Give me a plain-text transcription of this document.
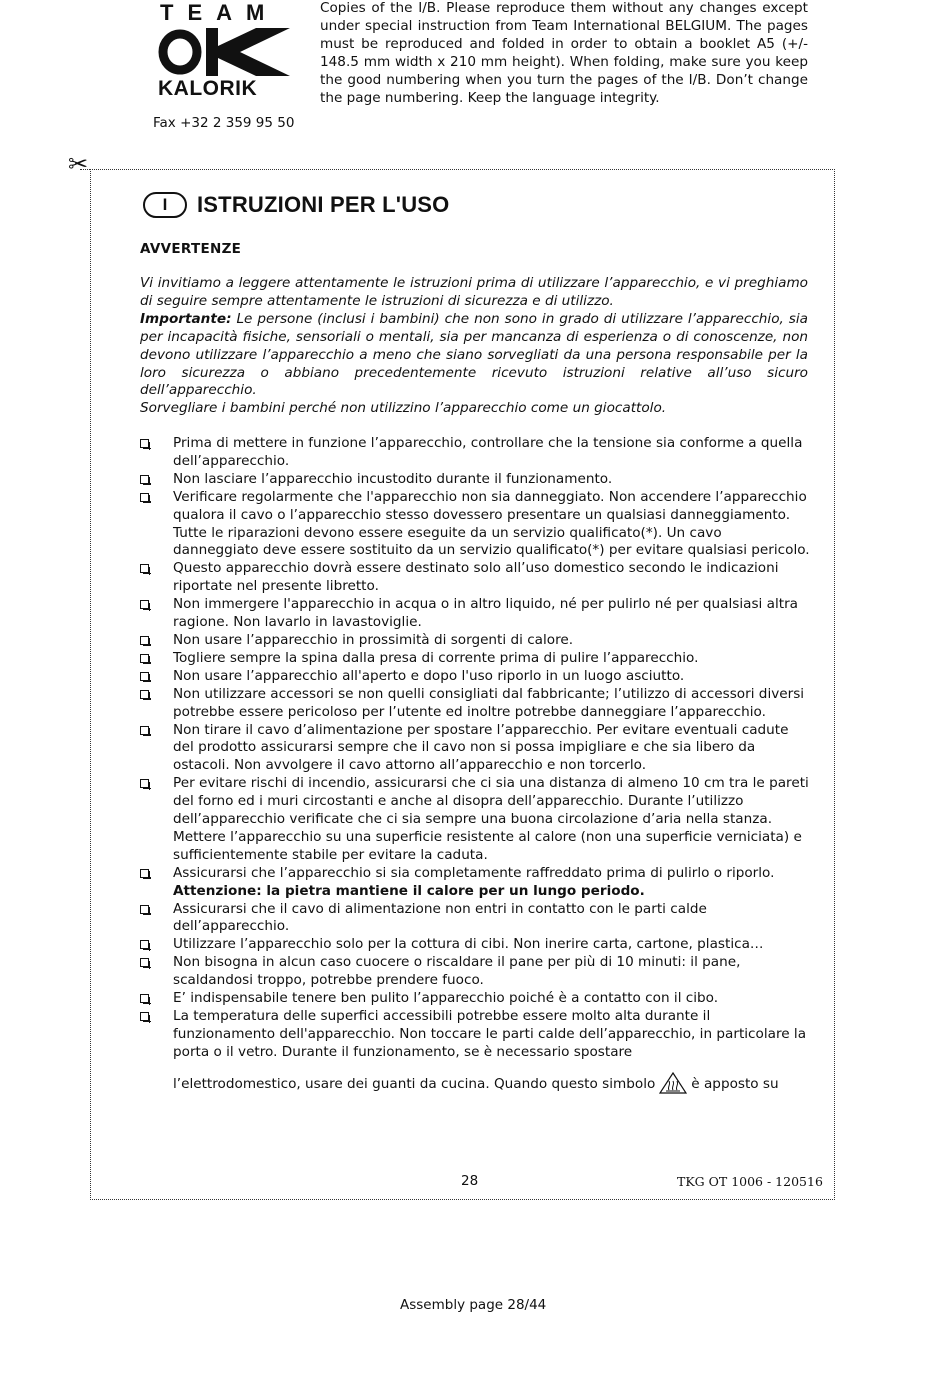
TEAM
KALORIK
Fax +32 2 359 95 50
Copies of the I/B. Please reproduce them without any changes except under special instruction from Team International BELGIUM. The pages must be reproduced and folded in order to obtain a booklet A5 (+/- 148.5 mm width x 210 mm height). When folding, make sure you keep the good numbering when you turn the pages of the I/B. Don’t change the page numbering. Keep the language integrity.
✂
I	ISTRUZIONI PER L'USO
AVVERTENZE

Vi invitiamo a leggere attentamente le istruzioni prima di utilizzare l’apparecchio, e vi preghiamo di seguire sempre attentamente le istruzioni di sicurezza e di utilizzo.

Importante: Le persone (inclusi i bambini) che non sono in grado di utilizzare l’apparecchio, sia per incapacità fisiche, sensoriali o mentali, sia per mancanza di esperienza o di conoscenze, non devono utilizzare l’apparecchio a meno che siano sorvegliati da una persona responsabile per la loro sicurezza o abbiano precedentemente ricevuto istruzioni relative all’uso sicuro dell’apparecchio.

Sorvegliare i bambini perché non utilizzino l’apparecchio come un giocattolo.

Prima di mettere in funzione l’apparecchio, controllare che la tensione sia conforme a quella dell’apparecchio.
Non lasciare l’apparecchio incustodito durante il funzionamento.
Verificare regolarmente che l'apparecchio non sia danneggiato. Non accendere l’apparecchio qualora il cavo o l’apparecchio stesso dovessero presentare un qualsiasi danneggiamento. Tutte le riparazioni devono essere eseguite da un servizio qualificato(*). Un cavo danneggiato deve essere sostituito da un servizio qualificato(*) per evitare qualsiasi pericolo.
Questo apparecchio dovrà essere destinato solo all’uso domestico secondo le indicazioni riportate nel presente libretto.
Non immergere l'apparecchio in acqua o in altro liquido, né per pulirlo né per qualsiasi altra ragione. Non lavarlo in lavastoviglie.
Non usare l’apparecchio in prossimità di sorgenti di calore.
Togliere sempre la spina dalla presa di corrente prima di pulire l’apparecchio.
Non usare l’apparecchio all'aperto e dopo l'uso riporlo in un luogo asciutto.
Non utilizzare accessori se non quelli consigliati dal fabbricante; l’utilizzo di accessori diversi potrebbe essere pericoloso per l’utente ed inoltre potrebbe danneggiare l’apparecchio.
Non tirare il cavo d’alimentazione per spostare l’apparecchio. Per evitare eventuali cadute del prodotto assicurarsi sempre che il cavo non si possa impigliare e che sia libero da ostacoli. Non avvolgere il cavo attorno all’apparecchio e non torcerlo.
Per evitare rischi di incendio, assicurarsi che ci sia una distanza di almeno 10 cm tra le pareti del forno ed i muri circostanti e anche al disopra dell’apparecchio. Durante l’utilizzo dell’apparecchio verificate che ci sia sempre una buona circolazione d’aria nella stanza. Mettere l’apparecchio su una superficie resistente al calore (non una superficie verniciata) e sufficientemente stabile per evitare la caduta.
Assicurarsi che l’apparecchio si sia completamente raffreddato prima di pulirlo o riporlo.
Attenzione: la pietra mantiene il calore per un lungo periodo.
Assicurarsi che il cavo di alimentazione non entri in contatto con le parti calde dell’apparecchio.
Utilizzare l’apparecchio solo per la cottura di cibi. Non inerire carta, cartone, plastica…
Non bisogna in alcun caso cuocere o riscaldare il pane per più di 10 minuti: il pane, scaldandosi troppo, potrebbe prendere fuoco.
E’ indispensabile tenere ben pulito l’apparecchio poiché è a contatto con il cibo.
La temperatura delle superfici accessibili potrebbe essere molto alta durante il funzionamento dell'apparecchio. Non toccare le parti calde dell’apparecchio, in particolare la porta o il vetro. Durante il funzionamento, se è necessario spostare
l’elettrodomestico, usare dei guanti da cucina. Quando questo simbolo	è apposto su
28	TKG OT 1006 - 120516
Assembly page 28/44
